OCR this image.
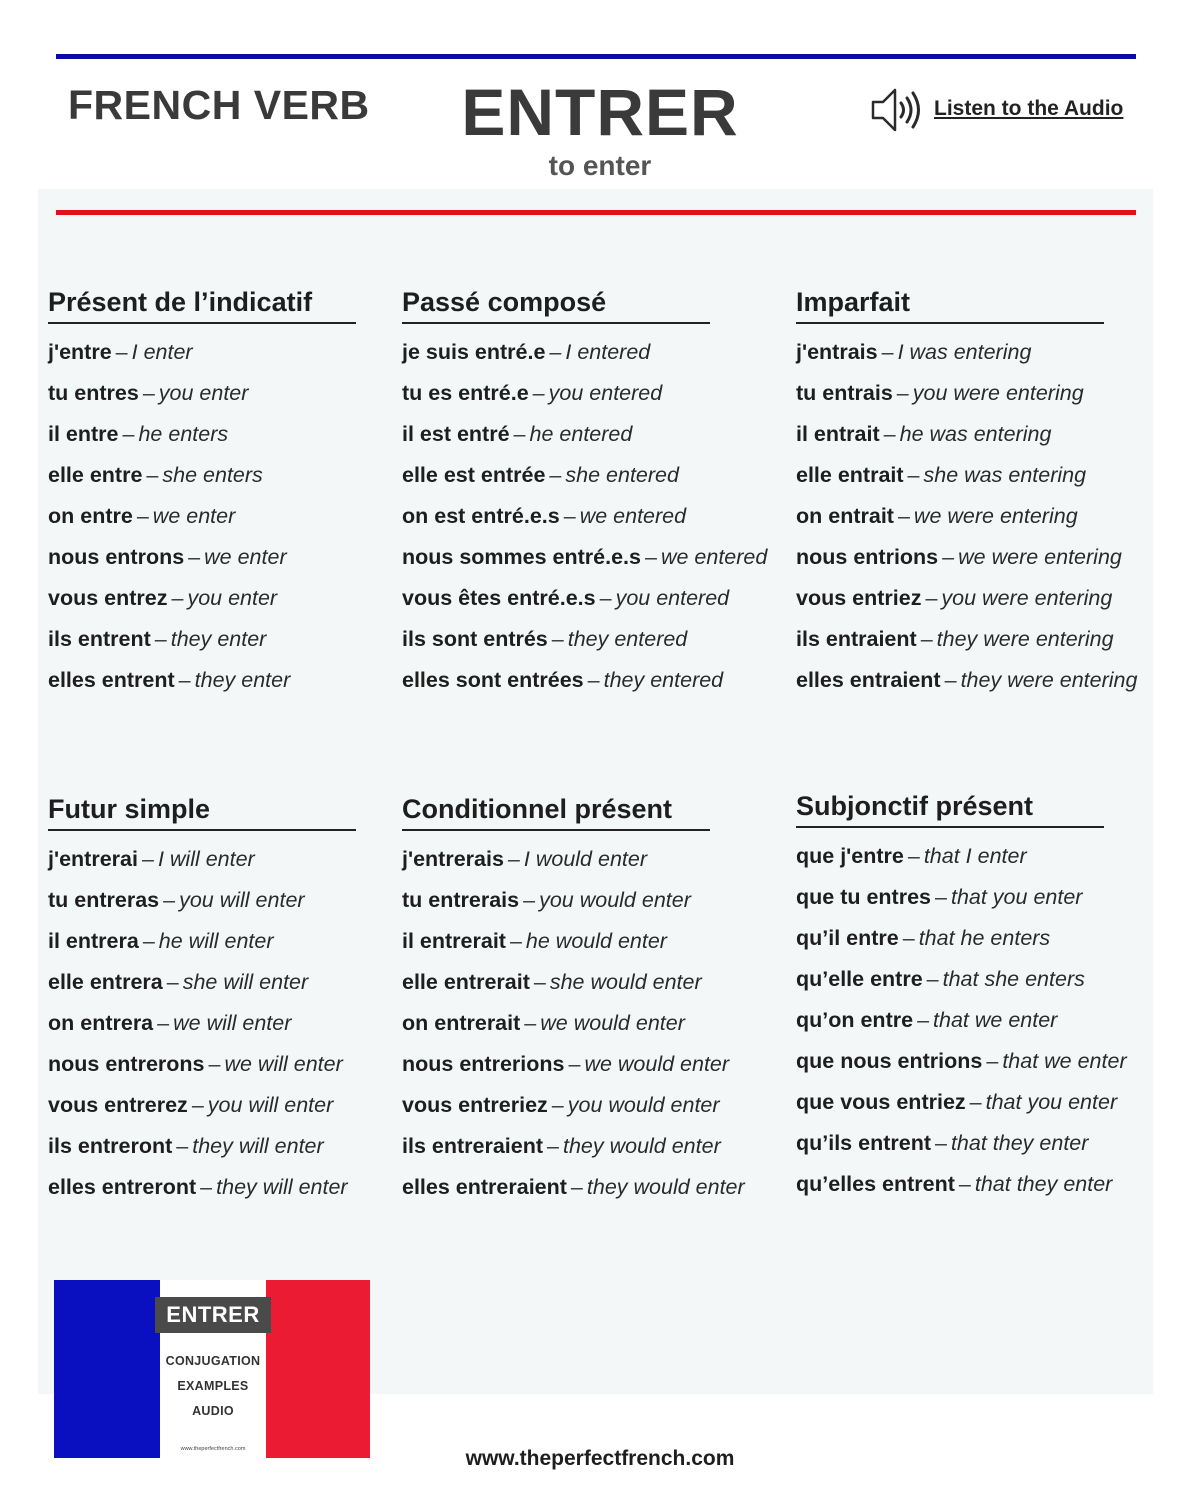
FRENCH VERB	ENTRER
to enter
Listen to the Audio
Présent de l’indicatif
j'entre – I enter
tu entres – you enter
il entre – he enters
elle entre – she enters
on entre – we enter
nous entrons – we enter
vous entrez – you enter
ils entrent – they enter
elles entrent – they enter
Passé composé
je suis entré.e – I entered
tu es entré.e – you entered
il est entré – he entered
elle est entrée – she entered
on est entré.e.s – we entered
nous sommes entré.e.s – we entered
vous êtes entré.e.s – you entered
ils sont entrés – they entered
elles sont entrées – they entered
Imparfait
j'entrais – I was entering
tu entrais – you were entering
il entrait – he was entering
elle entrait – she was entering
on entrait – we were entering
nous entrions – we were entering
vous entriez – you were entering
ils entraient – they were entering
elles entraient – they were entering
Futur simple
j'entrerai – I will enter
tu entreras – you will enter
il entrera – he will enter
elle entrera – she will enter
on entrera – we will enter
nous entrerons – we will enter
vous entrerez – you will enter
ils entreront – they will enter
elles entreront – they will enter
Conditionnel présent
j'entrerais – I would enter
tu entrerais – you would enter
il entrerait – he would enter
elle entrerait – she would enter
on entrerait – we would enter
nous entrerions – we would enter
vous entreriez – you would enter
ils entreraient – they would enter
elles entreraient – they would enter
Subjonctif présent
que j'entre – that I enter
que tu entres – that you enter
qu’il entre – that he enters
qu’elle entre – that she enters
qu’on entre – that we enter
que nous entrions – that we enter
que vous entriez – that you enter
qu’ils entrent – that they enter
qu’elles entrent – that they enter
ENTRER
CONJUGATION
EXAMPLES
AUDIO
www.theperfectfrench.com	www.theperfectfrench.com
